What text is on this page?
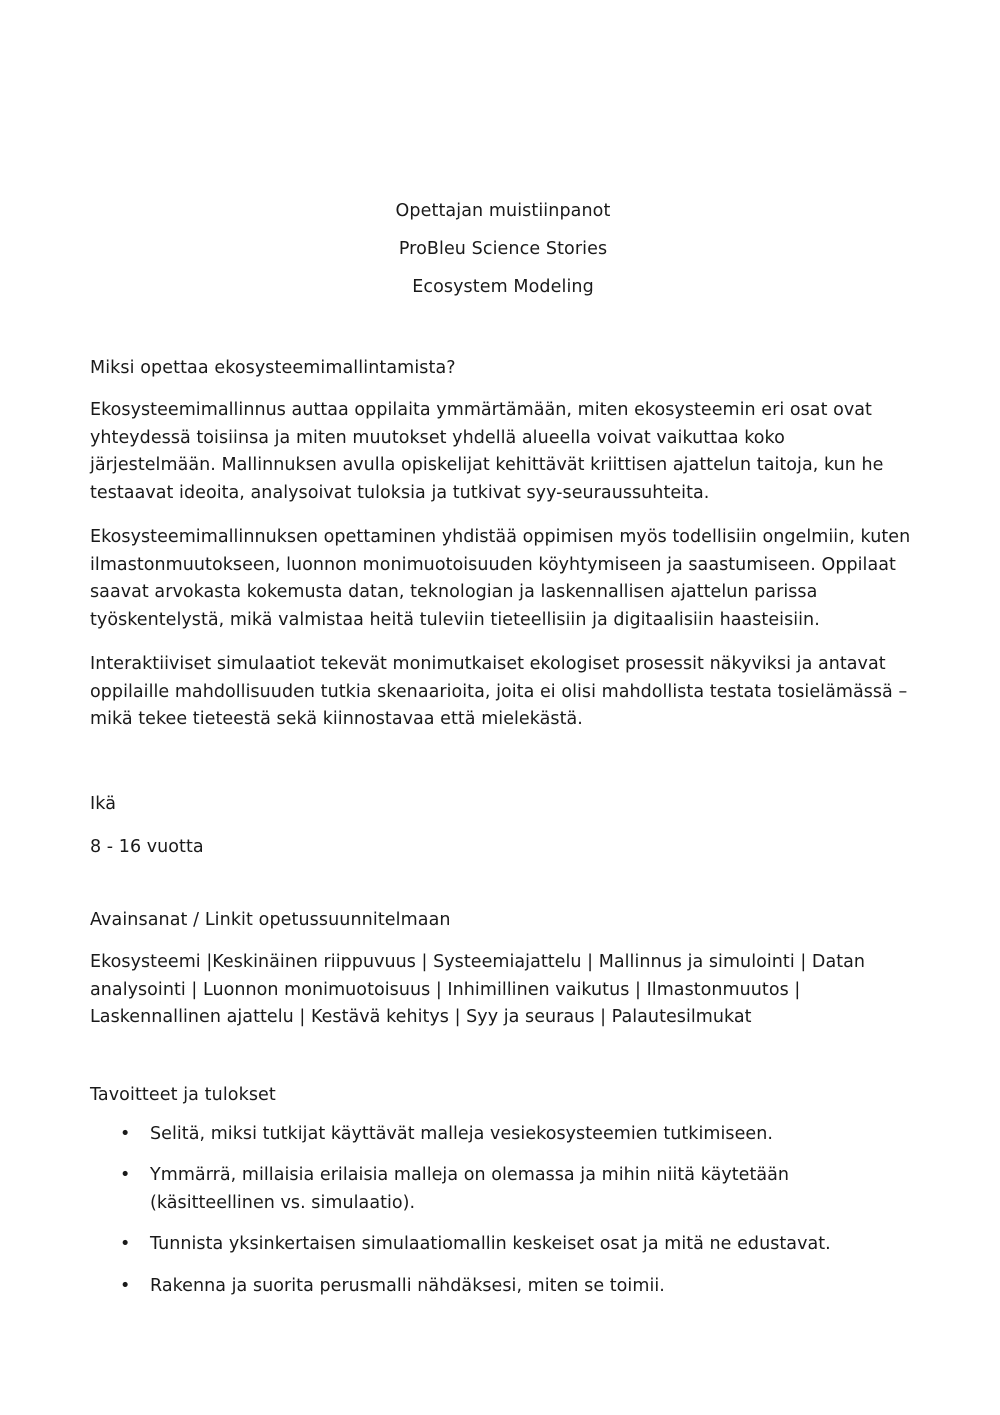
Opettajan muistiinpanot
ProBleu Science Stories
Ecosystem Modeling
Miksi opettaa ekosysteemimallintamista?
Ekosysteemimallinnus auttaa oppilaita ymmärtämään, miten ekosysteemin eri osat ovat yhteydessä toisiinsa ja miten muutokset yhdellä alueella voivat vaikuttaa koko järjestelmään. Mallinnuksen avulla opiskelijat kehittävät kriittisen ajattelun taitoja, kun he testaavat ideoita, analysoivat tuloksia ja tutkivat syy-seuraussuhteita.
Ekosysteemimallinnuksen opettaminen yhdistää oppimisen myös todellisiin ongelmiin, kuten ilmastonmuutokseen, luonnon monimuotoisuuden köyhtymiseen ja saastumiseen. Oppilaat saavat arvokasta kokemusta datan, teknologian ja laskennallisen ajattelun parissa työskentelystä, mikä valmistaa heitä tuleviin tieteellisiin ja digitaalisiin haasteisiin.
Interaktiiviset simulaatiot tekevät monimutkaiset ekologiset prosessit näkyviksi ja antavat oppilaille mahdollisuuden tutkia skenaarioita, joita ei olisi mahdollista testata tosielämässä – mikä tekee tieteestä sekä kiinnostavaa että mielekästä.
Ikä
8 - 16 vuotta
Avainsanat / Linkit opetussuunnitelmaan
Ekosysteemi |Keskinäinen riippuvuus | Systeemiajattelu | Mallinnus ja simulointi | Datan analysointi | Luonnon monimuotoisuus | Inhimillinen vaikutus | Ilmastonmuutos | Laskennallinen ajattelu | Kestävä kehitys | Syy ja seuraus | Palautesilmukat
Tavoitteet ja tulokset
• Selitä, miksi tutkijat käyttävät malleja vesiekosysteemien tutkimiseen.
• Ymmärrä, millaisia erilaisia malleja on olemassa ja mihin niitä käytetään (käsitteellinen vs. simulaatio).
• Tunnista yksinkertaisen simulaatiomallin keskeiset osat ja mitä ne edustavat.
• Rakenna ja suorita perusmalli nähdäksesi, miten se toimii.
